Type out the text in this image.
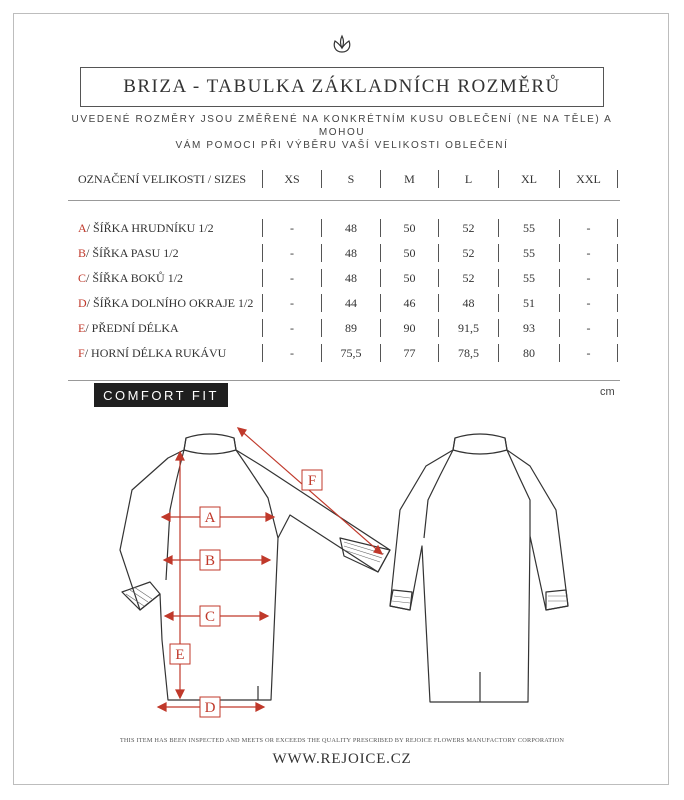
BRIZA - TABULKA ZÁKLADNÍCH ROZMĚRŮ
UVEDENÉ ROZMĚRY JSOU ZMĚŘENÉ NA KONKRÉTNÍM KUSU OBLEČENÍ (NE NA TĚLE) A MOHOU
VÁM POMOCI PŘI VÝBĚRU VAŠÍ VELIKOSTI OBLEČENÍ
OZNAČENÍ VELIKOSTI / SIZES	XS	S	M	L	XL	XXL
A / ŠÍŘKA HRUDNÍKU 1/2	-	48	50	52	55	-
B / ŠÍŘKA PASU 1/2	-	48	50	52	55	-
C / ŠÍŘKA BOKŮ 1/2	-	48	50	52	55	-
D / ŠÍŘKA DOLNÍHO OKRAJE 1/2	-	44	46	48	51	-
E / PŘEDNÍ DÉLKA	-	89	90	91,5	93	-
F / HORNÍ DÉLKA RUKÁVU	-	75,5	77	78,5	80	-
COMFORT FIT	cm
A
B
C
D
E
F
THIS ITEM HAS BEEN INSPECTED AND MEETS OR EXCEEDS THE QUALITY PRESCRIBED BY REJOICE FLOWERS MANUFACTORY CORPORATION
WWW.REJOICE.CZ
